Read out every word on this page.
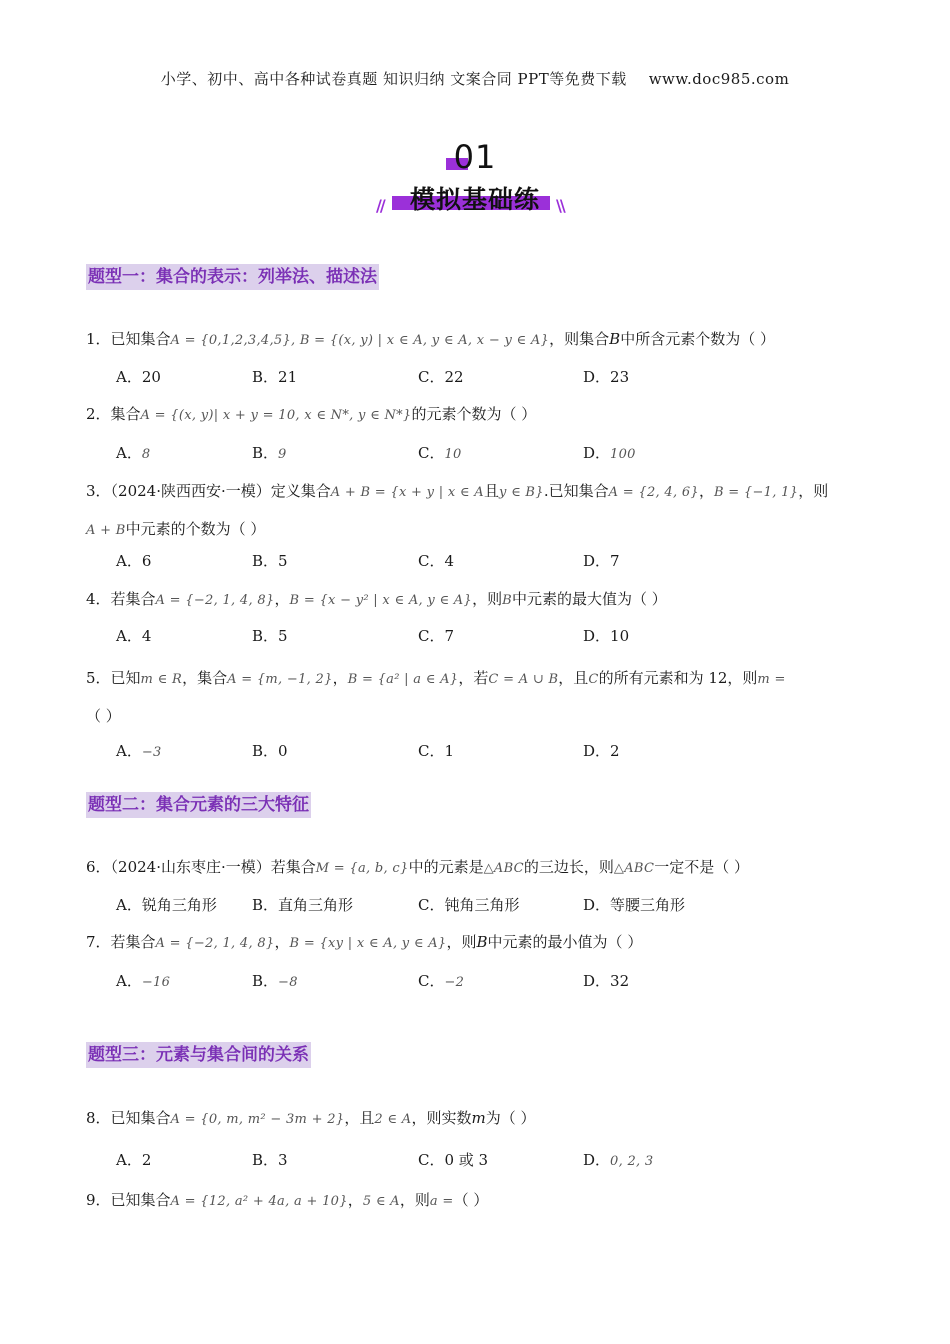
小学、初中、高中各种试卷真题 知识归纳 文案合同 PPT等免费下载 www.doc985.com
01
模拟基础练
//	\\
题型一：集合的表示：列举法、描述法
1．已知集合A = {0,1,2,3,4,5}, B = {(x, y) | x ∈ A, y ∈ A, x − y ∈ A}，则集合B中所含元素个数为（ ）
A．20	B．21	C．22	D．23
2．集合A = {(x, y)| x + y = 10, x ∈ N*, y ∈ N*}的元素个数为（ ）
A．8	B．9	C．10	D．100
3．（2024·陕西西安·一模）定义集合A + B = {x + y | x ∈ A且y ∈ B}.已知集合A = {2, 4, 6}，B = {−1, 1}，则
A + B中元素的个数为（ ）
A．6	B．5	C．4	D．7
4．若集合A = {−2, 1, 4, 8}，B = {x − y² | x ∈ A, y ∈ A}，则B中元素的最大值为（ ）
A．4	B．5	C．7	D．10
5．已知m ∈ R，集合A = {m, −1, 2}，B = {a² | a ∈ A}，若C = A ∪ B，且C的所有元素和为 12，则m =
（ ）
A．−3	B．0	C．1	D．2
题型二：集合元素的三大特征
6．（2024·山东枣庄·一模）若集合M = {a, b, c}中的元素是△ABC的三边长，则△ABC一定不是（ ）
A．锐角三角形 B．直角三角形	C．钝角三角形	D．等腰三角形
7．若集合A = {−2, 1, 4, 8}，B = {xy | x ∈ A, y ∈ A}，则B中元素的最小值为（ ）
A．−16	B．−8	C．−2	D．32
题型三：元素与集合间的关系
8．已知集合A = {0, m, m² − 3m + 2}，且2 ∈ A，则实数m为（ ）
A．2	B．3	C．0 或 3	D．0, 2, 3
9．已知集合A = {12, a² + 4a, a + 10}，5 ∈ A，则a =（ ）
